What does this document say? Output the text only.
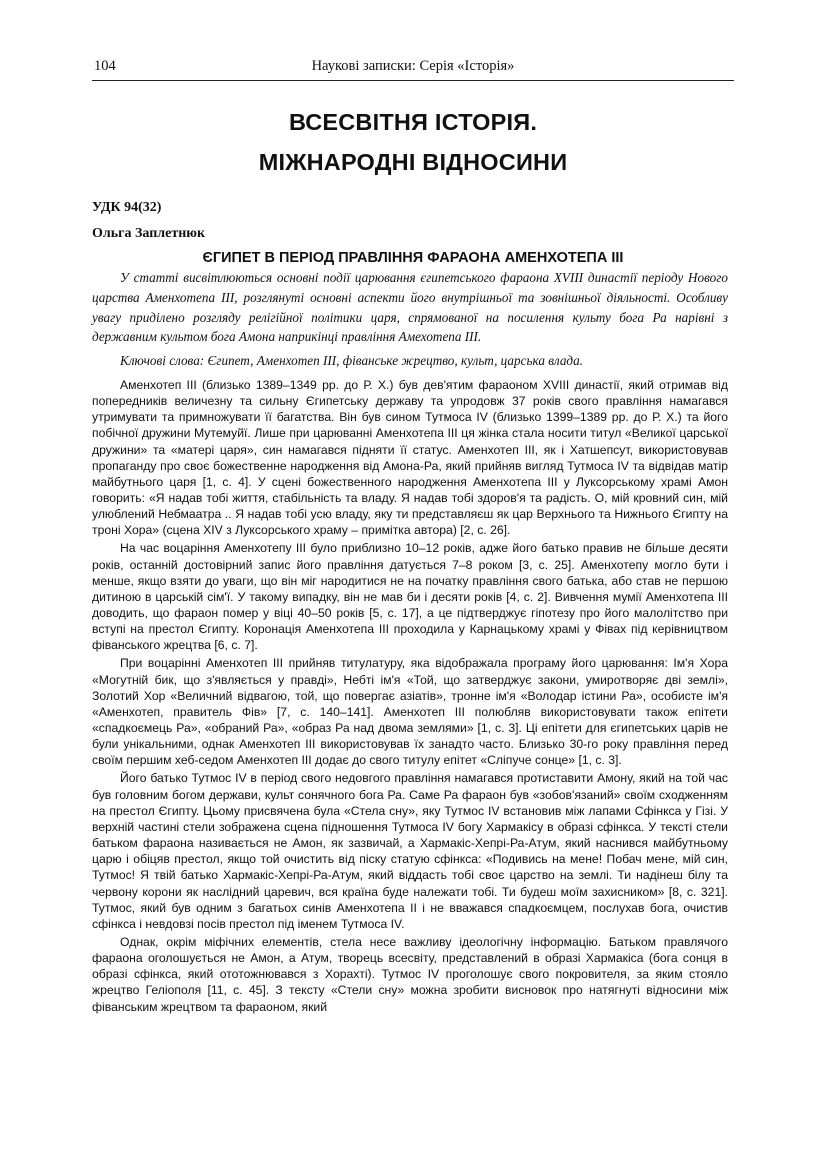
104	Наукові записки: Серія «Історія»
ВСЕСВІТНЯ ІСТОРІЯ.
МІЖНАРОДНІ ВІДНОСИНИ
УДК 94(32)
Ольга Заплетнюк
ЄГИПЕТ В ПЕРІОД ПРАВЛІННЯ ФАРАОНА АМЕНХОТЕПА III

У статті висвітлюються основні події царювання єгипетського фараона XVIII династії періоду Нового царства Аменхотепа ІІІ, розглянуті основні аспекти його внутрішньої та зовнішньої діяльності. Особливу увагу приділено розгляду релігійної політики царя, спрямованої на посилення культу бога Ра нарівні з державним культом бога Амона наприкінці правління Амехотепа ІІІ.

Ключові слова: Єгипет, Аменхотеп ІІІ, фіванське жрецтво, культ, царська влада.

Аменхотеп III (близько 1389–1349 рр. до Р. Х.) був дев'ятим фараоном XVIII династії, який отримав від попередників величезну та сильну Єгипетську державу та упродовж 37 років свого правління намагався утримувати та примножувати її багатства. Він був сином Тутмоса IV (близько 1399–1389 рр. до Р. Х.) та його побічної дружини Мутемуйї. Лише при царюванні Аменхотепа ІІІ ця жінка стала носити титул «Великої царської дружини» та «матері царя», син намагався підняти її статус. Аменхотеп ІІІ, як і Хатшепсут, використовував пропаганду про своє божественне народження від Амона-Ра, який прийняв вигляд Тутмоса IV та відвідав матір майбутнього царя [1, с. 4]. У сцені божественного народження Аменхотепа ІІІ у Луксорському храмі Амон говорить: «Я надав тобі життя, стабільність та владу. Я надав тобі здоров'я та радість. О, мій кровний син, мій улюблений Небмаатра .. Я надав тобі усю владу, яку ти представляєш як цар Верхнього та Нижнього Єгипту на троні Хора» (сцена XIV з Луксорського храму – примітка автора) [2, с. 26].

На час воцаріння Аменхотепу ІІІ було приблизно 10–12 років, адже його батько правив не більше десяти років, останній достовірний запис його правління датується 7–8 роком [3, с. 25]. Аменхотепу могло бути і менше, якщо взяти до уваги, що він міг народитися не на початку правління свого батька, або став не першою дитиною в царській сім'ї. У такому випадку, він не мав би і десяти років [4, с. 2]. Вивчення мумії Аменхотепа ІІІ доводить, що фараон помер у віці 40–50 років [5, с. 17], а це підтверджує гіпотезу про його малолітство при вступі на престол Єгипту. Коронація Аменхотепа ІІІ проходила у Карнацькому храмі у Фівах під керівництвом фіванського жрецтва [6, с. 7].

При воцарінні Аменхотеп ІІІ прийняв титулатуру, яка відображала програму його царювання: Ім'я Хора «Могутній бик, що з'являється у правді», Небті ім'я «Той, що затверджує закони, умиротворяє дві землі», Золотий Хор «Величний відвагою, той, що повергає азіатів», тронне ім'я «Володар істини Ра», особисте ім'я «Аменхотеп, правитель Фів» [7, с. 140–141]. Аменхотеп ІІІ полюбляв використовувати також епітети «спадкоємець Ра», «обраний Ра», «образ Ра над двома землями» [1, с. 3]. Ці епітети для єгипетських царів не були унікальними, однак Аменхотеп ІІІ використовував їх занадто часто. Близько 30-го року правління перед своїм першим хеб-седом Аменхотеп ІІІ додає до свого титулу епітет «Сліпуче сонце» [1, с. 3].

Його батько Тутмос IV в період свого недовгого правління намагався протиставити Амону, який на той час був головним богом держави, культ сонячного бога Ра. Саме Ра фараон був «зобов'язаний» своїм сходженням на престол Єгипту. Цьому присвячена була «Стела сну», яку Тутмос IV встановив між лапами Сфінкса у Гізі. У верхній частині стели зображена сцена підношення Тутмоса IV богу Хармакісу в образі сфінкса. У тексті стели батьком фараона називається не Амон, як зазвичай, а Хармакіс-Хепрі-Ра-Атум, який наснився майбутньому царю і обіцяв престол, якщо той очистить від піску статую сфінкса: «Подивись на мене! Побач мене, мій син, Тутмос! Я твій батько Хармакіс-Хепрі-Ра-Атум, який віддасть тобі своє царство на землі. Ти надінеш білу та червону корони як наслідний царевич, вся країна буде належати тобі. Ти будеш моїм захисником» [8, с. 321]. Тутмос, який був одним з багатьох синів Аменхотепа ІІ і не вважався спадкоємцем, послухав бога, очистив сфінкса і невдовзі посів престол під іменем Тутмоса IV.

Однак, окрім міфічних елементів, стела несе важливу ідеологічну інформацію. Батьком правлячого фараона оголошується не Амон, а Атум, творець всесвіту, представлений в образі Хармакіса (бога сонця в образі сфінкса, який ототожнювався з Хорахті). Тутмос IV проголошує свого покровителя, за яким стояло жрецтво Геліополя [11, с. 45]. З тексту «Стели сну» можна зробити висновок про натягнуті відносини між фіванським жрецтвом та фараоном, який
